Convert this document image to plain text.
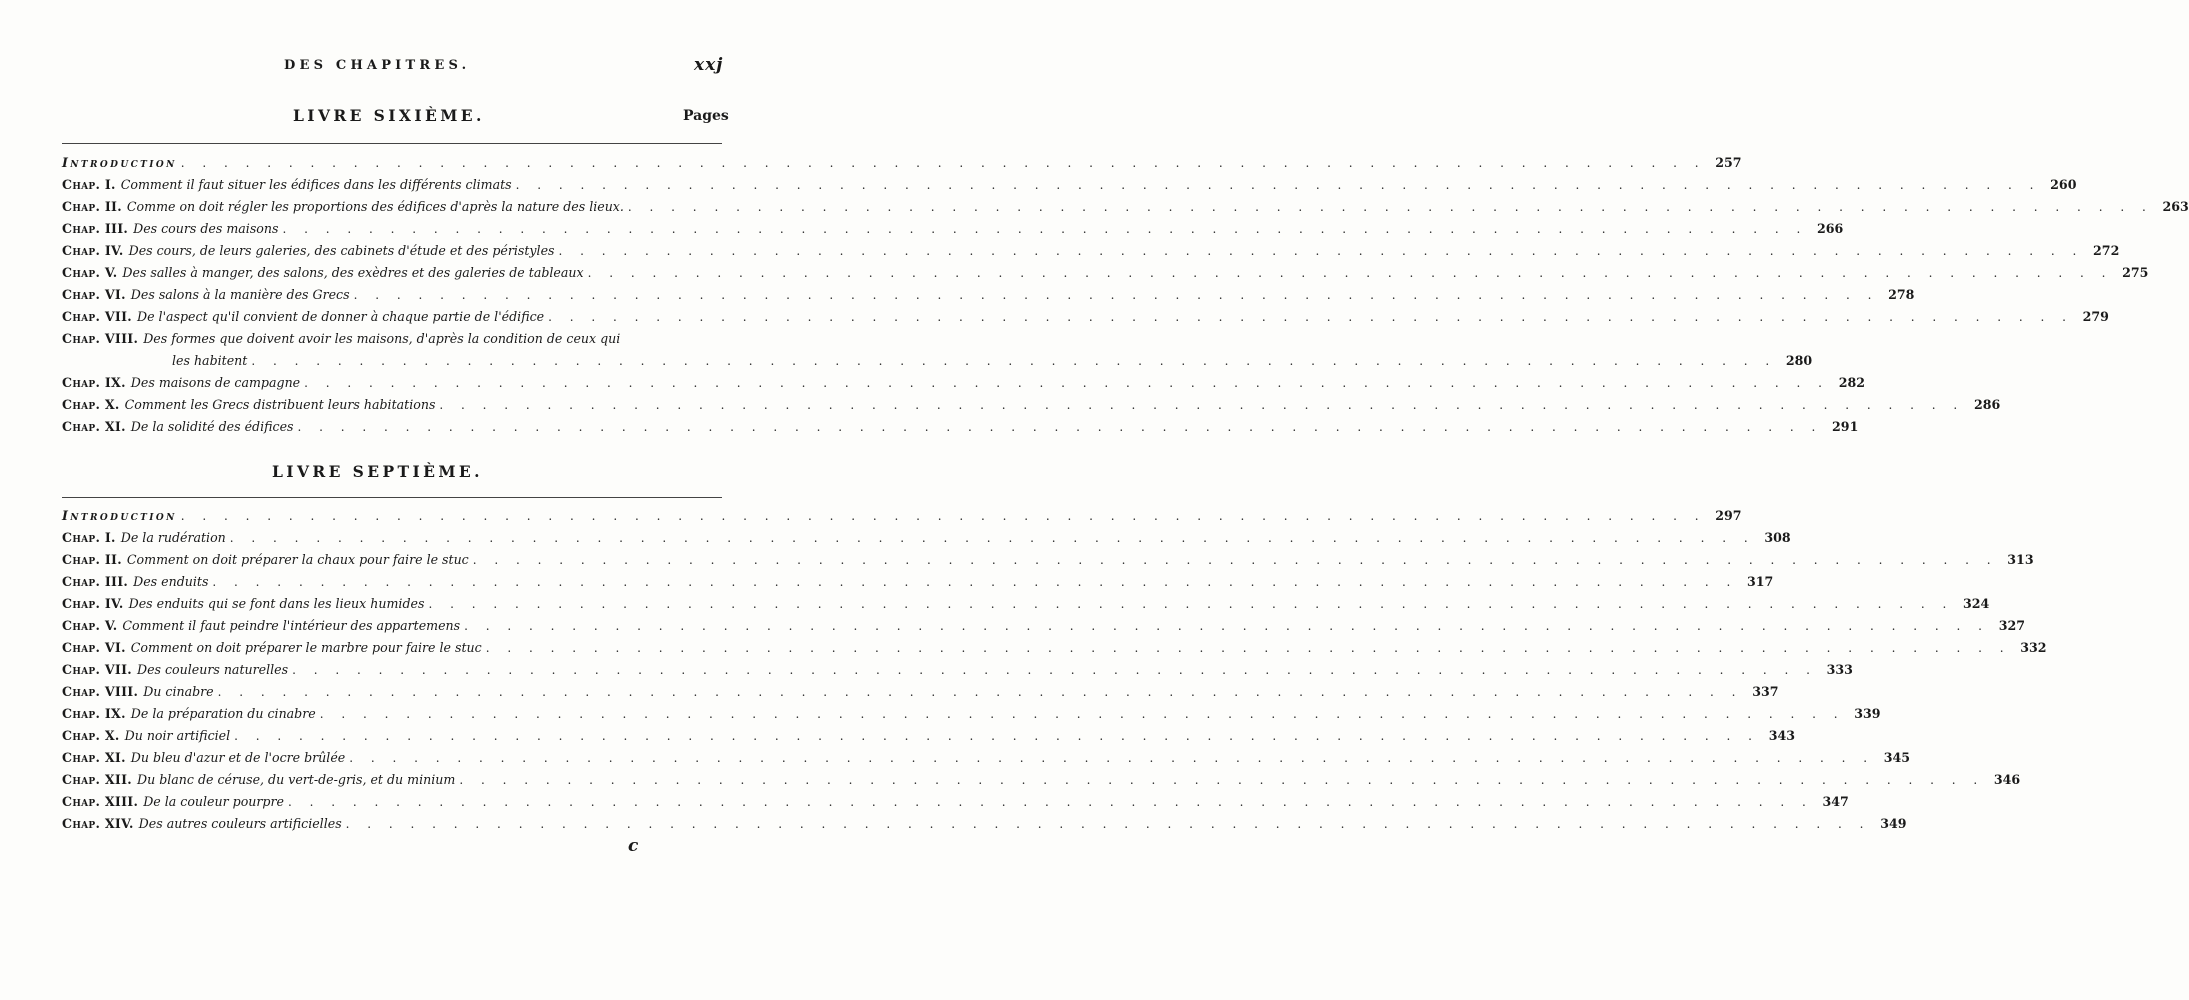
DES CHAPITRES.	xxj
LIVRE SIXIÈME.	Pages
Introduction . . .	257
Chap. I. Comment il faut situer les édifices dans les différents climats . . .	260
Chap. II. Comme on doit régler les proportions des édifices d'après la nature des lieux. . . .	263
Chap. III. Des cours des maisons . . .	266
Chap. IV. Des cours, de leurs galeries, des cabinets d'étude et des péristyles . . .	272
Chap. V. Des salles à manger, des salons, des exèdres et des galeries de tableaux . . .	275
Chap. VI. Des salons à la manière des Grecs . . .	278
Chap. VII. De l'aspect qu'il convient de donner à chaque partie de l'édifice . . .	279
Chap. VIII. Des formes que doivent avoir les maisons, d'après la condition de ceux qui
les habitent . . .	280
Chap. IX. Des maisons de campagne . . .	282
Chap. X. Comment les Grecs distribuent leurs habitations . . .	286
Chap. XI. De la solidité des édifices . . .	291
LIVRE SEPTIÈME.
Introduction . . .	297
Chap. I. De la rudération . . .	308
Chap. II. Comment on doit préparer la chaux pour faire le stuc . . .	313
Chap. III. Des enduits . . .	317
Chap. IV. Des enduits qui se font dans les lieux humides . . .	324
Chap. V. Comment il faut peindre l'intérieur des appartemens . . .	327
Chap. VI. Comment on doit préparer le marbre pour faire le stuc . . .	332
Chap. VII. Des couleurs naturelles . . .	333
Chap. VIII. Du cinabre . . .	337
Chap. IX. De la préparation du cinabre . . .	339
Chap. X. Du noir artificiel . . .	343
Chap. XI. Du bleu d'azur et de l'ocre brûlée . . .	345
Chap. XII. Du blanc de céruse, du vert-de-gris, et du minium . . .	346
Chap. XIII. De la couleur pourpre . . .	347
Chap. XIV. Des autres couleurs artificielles . . .	349
c
